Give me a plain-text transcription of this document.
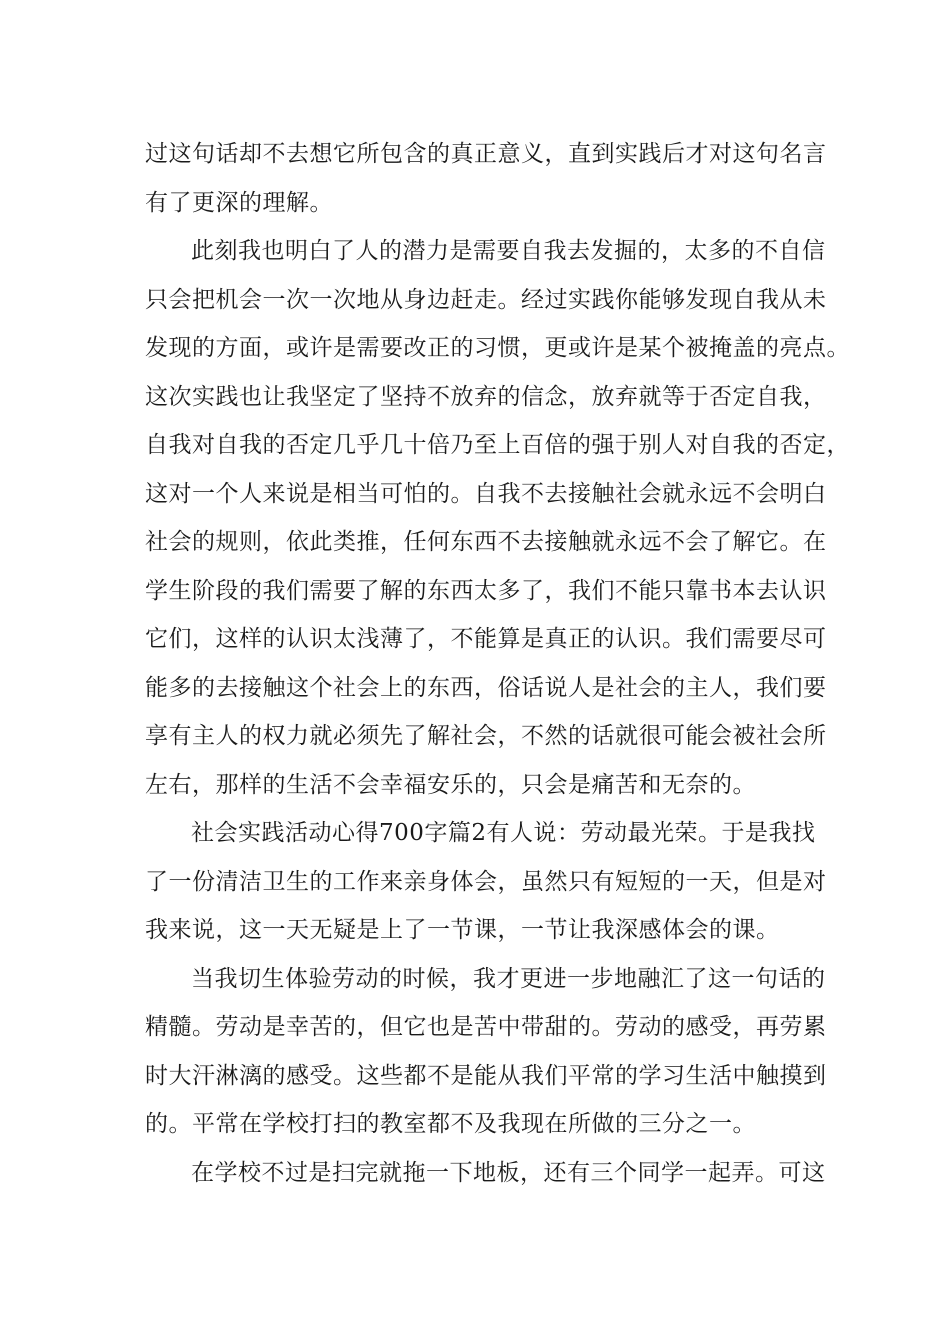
过这句话却不去想它所包含的真正意义，直到实践后才对这句名言
有了更深的理解。
此刻我也明白了人的潜力是需要自我去发掘的，太多的不自信
只会把机会一次一次地从身边赶走。经过实践你能够发现自我从未
发现的方面，或许是需要改正的习惯，更或许是某个被掩盖的亮点。
这次实践也让我坚定了坚持不放弃的信念，放弃就等于否定自我，
自我对自我的否定几乎几十倍乃至上百倍的强于别人对自我的否定，
这对一个人来说是相当可怕的。自我不去接触社会就永远不会明白
社会的规则，依此类推，任何东西不去接触就永远不会了解它。在
学生阶段的我们需要了解的东西太多了，我们不能只靠书本去认识
它们，这样的认识太浅薄了，不能算是真正的认识。我们需要尽可
能多的去接触这个社会上的东西，俗话说人是社会的主人，我们要
享有主人的权力就必须先了解社会，不然的话就很可能会被社会所
左右，那样的生活不会幸福安乐的，只会是痛苦和无奈的。
社会实践活动心得700字篇2有人说：劳动最光荣。于是我找
了一份清洁卫生的工作来亲身体会，虽然只有短短的一天，但是对
我来说，这一天无疑是上了一节课，一节让我深感体会的课。
当我切生体验劳动的时候，我才更进一步地融汇了这一句话的
精髓。劳动是幸苦的，但它也是苦中带甜的。劳动的感受，再劳累
时大汗淋漓的感受。这些都不是能从我们平常的学习生活中触摸到
的。平常在学校打扫的教室都不及我现在所做的三分之一。
在学校不过是扫完就拖一下地板，还有三个同学一起弄。可这
